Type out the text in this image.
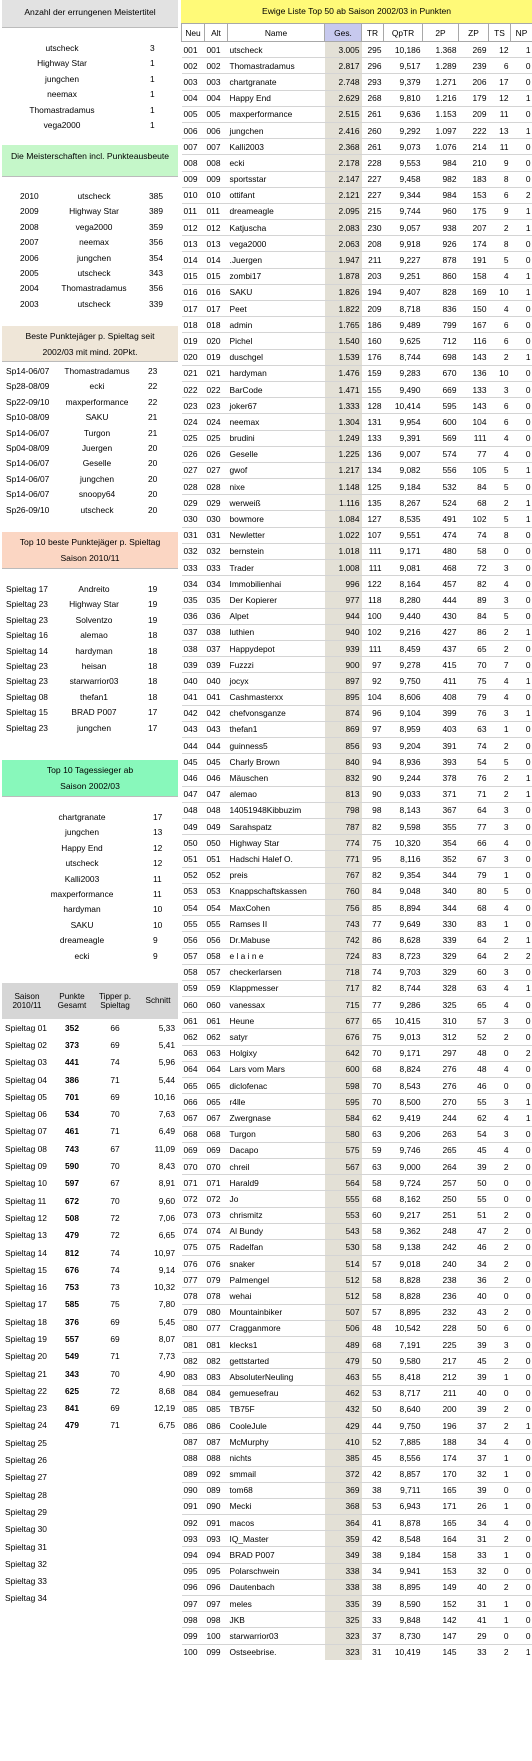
Anzahl der errungenen Meistertitel
utscheck	3
Highway Star	1
jungchen	1
neemax	1
Thomastradamus	1
vega2000	1
Die Meisterschaften incl. Punkteausbeute
2010	utscheck	385
2009	Highway Star	389
2008	vega2000	359
2007	neemax	356
2006	jungchen	354
2005	utscheck	343
2004	Thomastradamus	356
2003	utscheck	339
Beste Punktejäger p. Spieltag seit 2002/03 mit mind. 20Pkt.
Sp14-06/07	Thomastradamus	23
Sp28-08/09	ecki	22
Sp22-09/10	maxperformance	22
Sp10-08/09	SAKU	21
Sp14-06/07	Turgon	21
Sp04-08/09	Juergen	20
Sp14-06/07	Geselle	20
Sp14-06/07	jungchen	20
Sp14-06/07	snoopy64	20
Sp26-09/10	utscheck	20
Top 10 beste Punktejäger p. Spieltag Saison 2010/11
Spieltag 17	Andreito	19
Spieltag 23	Highway Star	19
Spieltag 23	Solventzo	19
Spieltag 16	alemao	18
Spieltag 14	hardyman	18
Spieltag 23	heisan	18
Spieltag 23	starwarrior03	18
Spieltag 08	thefan1	18
Spieltag 15	BRAD P007	17
Spieltag 23	jungchen	17
Top 10 Tagessieger ab Saison 2002/03
chartgranate	17
jungchen	13
Happy End	12
utscheck	12
Kalli2003	11
maxperformance	11
hardyman	10
SAKU	10
dreameagle	9
ecki	9
Saison 2010/11	Punkte Gesamt	Tipper p. Spieltag	Schnitt
Spieltag 01	352	66	5,33
Spieltag 02	373	69	5,41
Spieltag 03	441	74	5,96
Spieltag 04	386	71	5,44
Spieltag 05	701	69	10,16
Spieltag 06	534	70	7,63
Spieltag 07	461	71	6,49
Spieltag 08	743	67	11,09
Spieltag 09	590	70	8,43
Spieltag 10	597	67	8,91
Spieltag 11	672	70	9,60
Spieltag 12	508	72	7,06
Spieltag 13	479	72	6,65
Spieltag 14	812	74	10,97
Spieltag 15	676	74	9,14
Spieltag 16	753	73	10,32
Spieltag 17	585	75	7,80
Spieltag 18	376	69	5,45
Spieltag 19	557	69	8,07
Spieltag 20	549	71	7,73
Spieltag 21	343	70	4,90
Spieltag 22	625	72	8,68
Spieltag 23	841	69	12,19
Spieltag 24	479	71	6,75
Spieltag 25			
Spieltag 26			
Spieltag 27			
Spieltag 28			
Spieltag 29			
Spieltag 30			
Spieltag 31			
Spieltag 32			
Spieltag 33			
Spieltag 34			
Ewige Liste Top 50 ab Saison 2002/03 in Punkten
Neu	Alt	Name	Ges.	TR	QpTR	2P	ZP	TS	NP
001	001	utscheck	3.005	295	10,186	1.368	269	12	1
002	002	Thomastradamus	2.817	296	9,517	1.289	239	6	0
003	003	chartgranate	2.748	293	9,379	1.271	206	17	0
004	004	Happy End	2.629	268	9,810	1.216	179	12	1
005	005	maxperformance	2.515	261	9,636	1.153	209	11	0
006	006	jungchen	2.416	260	9,292	1.097	222	13	1
007	007	Kalli2003	2.368	261	9,073	1.076	214	11	0
008	008	ecki	2.178	228	9,553	984	210	9	0
009	009	sportsstar	2.147	227	9,458	982	183	8	0
010	010	ottifant	2.121	227	9,344	984	153	6	2
011	011	dreameagle	2.095	215	9,744	960	175	9	1
012	012	Katjuscha	2.083	230	9,057	938	207	2	1
013	013	vega2000	2.063	208	9,918	926	174	8	0
014	014	.Juergen	1.947	211	9,227	878	191	5	0
015	015	zombi17	1.878	203	9,251	860	158	4	1
016	016	SAKU	1.826	194	9,407	828	169	10	1
017	017	Peet	1.822	209	8,718	836	150	4	0
018	018	admin	1.765	186	9,489	799	167	6	0
019	020	Pichel	1.540	160	9,625	712	116	6	0
020	019	duschgel	1.539	176	8,744	698	143	2	1
021	021	hardyman	1.476	159	9,283	670	136	10	0
022	022	BarCode	1.471	155	9,490	669	133	3	0
023	023	joker67	1.333	128	10,414	595	143	6	0
024	024	neemax	1.304	131	9,954	600	104	6	0
025	025	brudini	1.249	133	9,391	569	111	4	0
026	026	Geselle	1.225	136	9,007	574	77	4	0
027	027	gwof	1.217	134	9,082	556	105	5	1
028	028	nixe	1.148	125	9,184	532	84	5	0
029	029	werweiß	1.116	135	8,267	524	68	2	1
030	030	bowmore	1.084	127	8,535	491	102	5	1
031	031	Newletter	1.022	107	9,551	474	74	8	0
032	032	bernstein	1.018	111	9,171	480	58	0	0
033	033	Trader	1.008	111	9,081	468	72	3	0
034	034	Immobilienhai	996	122	8,164	457	82	4	0
035	035	Der Kopierer	977	118	8,280	444	89	3	0
036	036	Alpet	944	100	9,440	430	84	5	0
037	038	luthien	940	102	9,216	427	86	2	1
038	037	Happydepot	939	111	8,459	437	65	2	0
039	039	Fuzzzi	900	97	9,278	415	70	7	0
040	040	jocyx	897	92	9,750	411	75	4	1
041	041	Cashmasterxx	895	104	8,606	408	79	4	0
042	042	chefvonsganze	874	96	9,104	399	76	3	1
043	043	thefan1	869	97	8,959	403	63	1	0
044	044	guinness5	856	93	9,204	391	74	2	0
045	045	Charly Brown	840	94	8,936	393	54	5	0
046	046	Mäuschen	832	90	9,244	378	76	2	1
047	047	alemao	813	90	9,033	371	71	2	1
048	048	14051948Kibbuzim	798	98	8,143	367	64	3	0
049	049	Sarahspatz	787	82	9,598	355	77	3	0
050	050	Highway Star	774	75	10,320	354	66	4	0
051	051	Hadschi Halef O.	771	95	8,116	352	67	3	0
052	052	preis	767	82	9,354	344	79	1	0
053	053	Knappschaftskassen	760	84	9,048	340	80	5	0
054	054	MaxCohen	756	85	8,894	344	68	4	0
055	055	Ramses II	743	77	9,649	330	83	1	0
056	056	Dr.Mabuse	742	86	8,628	339	64	2	1
057	058	e l a i n e	724	83	8,723	329	64	2	2
058	057	checkerlarsen	718	74	9,703	329	60	3	0
059	059	Klappmesser	717	82	8,744	328	63	4	1
060	060	vanessax	715	77	9,286	325	65	4	0
061	061	Heune	677	65	10,415	310	57	3	0
062	062	satyr	676	75	9,013	312	52	2	0
063	063	Holgixy	642	70	9,171	297	48	0	2
064	064	Lars vom Mars	600	68	8,824	276	48	4	0
065	065	diclofenac	598	70	8,543	276	46	0	0
066	065	r4lle	595	70	8,500	270	55	3	1
067	067	Zwergnase	584	62	9,419	244	62	4	1
068	068	Turgon	580	63	9,206	263	54	3	0
069	069	Dacapo	575	59	9,746	265	45	4	0
070	070	chreil	567	63	9,000	264	39	2	0
071	071	Harald9	564	58	9,724	257	50	0	0
072	072	Jo	555	68	8,162	250	55	0	0
073	073	chrismitz	553	60	9,217	251	51	2	0
074	074	Al Bundy	543	58	9,362	248	47	2	0
075	075	Radelfan	530	58	9,138	242	46	2	0
076	076	snaker	514	57	9,018	240	34	2	0
077	079	Palmengel	512	58	8,828	238	36	2	0
078	078	wehai	512	58	8,828	236	40	0	0
079	080	Mountainbiker	507	57	8,895	232	43	2	0
080	077	Cragganmore	506	48	10,542	228	50	6	0
081	081	klecks1	489	68	7,191	225	39	3	0
082	082	gettstarted	479	50	9,580	217	45	2	0
083	083	AbsoluterNeuling	463	55	8,418	212	39	1	0
084	084	gemuesefrau	462	53	8,717	211	40	0	0
085	085	TB75F	432	50	8,640	200	39	2	0
086	086	CooleJule	429	44	9,750	196	37	2	1
087	087	McMurphy	410	52	7,885	188	34	4	0
088	088	nichts	385	45	8,556	174	37	1	0
089	092	smmail	372	42	8,857	170	32	1	0
090	089	tom68	369	38	9,711	165	39	0	0
091	090	Mecki	368	53	6,943	171	26	1	0
092	091	macos	364	41	8,878	165	34	4	0
093	093	IQ_Master	359	42	8,548	164	31	2	0
094	094	BRAD P007	349	38	9,184	158	33	1	0
095	095	Polarschwein	338	34	9,941	153	32	0	0
096	096	Dautenbach	338	38	8,895	149	40	2	0
097	097	meles	335	39	8,590	152	31	1	0
098	098	JKB	325	33	9,848	142	41	1	0
099	100	starwarrior03	323	37	8,730	147	29	0	0
100	099	Ostseebrise.	323	31	10,419	145	33	2	1
